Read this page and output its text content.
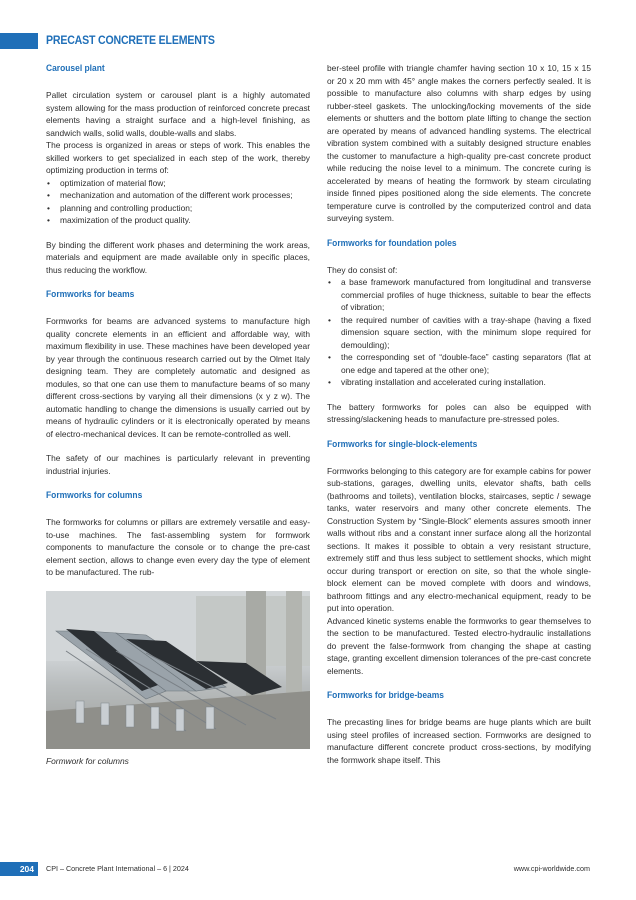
PRECAST CONCRETE ELEMENTS
Carousel plant

Pallet circulation system or carousel plant is a highly automated system allowing for the mass production of reinforced concrete precast elements having a straight surface and a high-level finishing, as sandwich walls, solid walls, double-walls and slabs.

The process is organized in areas or steps of work. This enables the skilled workers to get specialized in each step of the work, thereby optimizing production in terms of:

• optimization of material flow;
• mechanization and automation of the different work processes;
• planning and controlling production;
• maximization of the product quality.

By binding the different work phases and determining the work areas, materials and equipment are made available only in specific places, thus reducing the workflow.

Formworks for beams

Formworks for beams are advanced systems to manufacture high quality concrete elements in an efficient and affordable way, with maximum flexibility in use. These machines have been developed year by year through the continuous research carried out by the Olmet Italy designing team. They are completely automatic and designed as modules, so that one can use them to manufacture beams of so many different cross-sections by varying all their dimensions (x y z w). The automatic handling to change the dimensions is usually carried out by means of hydraulic cylinders or it is electronically operated by means of electro-mechanical devices. It can be remote-controlled as well.

The safety of our machines is particularly relevant in preventing industrial injuries.

Formworks for columns

The formworks for columns or pillars are extremely versatile and easy-to-use machines. The fast-assembling system for formwork components to manufacture the console or to change the pre-cast element section, allows to change even every day the type of element to be manufactured. The rub-

Formwork for columns

ber-steel profile with triangle chamfer having section 10 x 10, 15 x 15 or 20 x 20 mm with 45° angle makes the corners perfectly sealed. It is possible to manufacture also columns with sharp edges by using rubber-steel gaskets. The unlocking/locking movements of the side elements or shutters and the bottom plate lifting to change the section are operated by means of advanced handling systems. The electrical vibration system combined with a suitably designed structure enables the customer to manufacture a high-quality pre-cast concrete product while reducing the noise level to a minimum. The concrete curing is accelerated by means of heating the formwork by steam circulating inside finned pipes positioned along the side elements. The concrete temperature curve is controlled by the computerized control and data surveying system.

Formworks for foundation poles

They do consist of:

• a base framework manufactured from longitudinal and transverse commercial profiles of huge thickness, suitable to bear the effects of vibration;
• the required number of cavities with a tray-shape (having a fixed dimension square section, with the minimum slope required for demoulding);
• the corresponding set of “double-face” casting separators (flat at one edge and tapered at the other one);
• vibrating installation and accelerated curing installation.

The battery formworks for poles can also be equipped with stressing/slackening heads to manufacture pre-stressed poles.

Formworks for single-block-elements

Formworks belonging to this category are for example cabins for power sub-stations, garages, dwelling units, elevator shafts, bath cells (bathrooms and toilets), ventilation blocks, staircases, septic / sewage tanks, water reservoirs and many other concrete elements. The Construction System by “Single-Block” elements assures smooth inner walls without ribs and a constant inner surface along all the horizontal sections. It makes it possible to obtain a very resistant structure, extremely stiff and thus less subject to settlement shocks, which might occur during transport or erection on site, so that the whole single-block element can be moved complete with doors and windows, bathroom fittings and any electro-mechanical equipment, ready to be put into operation.

Advanced kinetic systems enable the formworks to gear themselves to the section to be manufactured. Tested electro-hydraulic installations do prevent the false-formwork from changing the shape at casting stage, granting excellent dimension tolerances of the pre-cast concrete elements.

Formworks for bridge-beams

The precasting lines for bridge beams are huge plants which are built using steel profiles of increased section. Formworks are designed to manufacture different concrete product cross-sections, by modifying the formwork shape itself. This

204	CPI – Concrete Plant International – 6 | 2024	www.cpi-worldwide.com
